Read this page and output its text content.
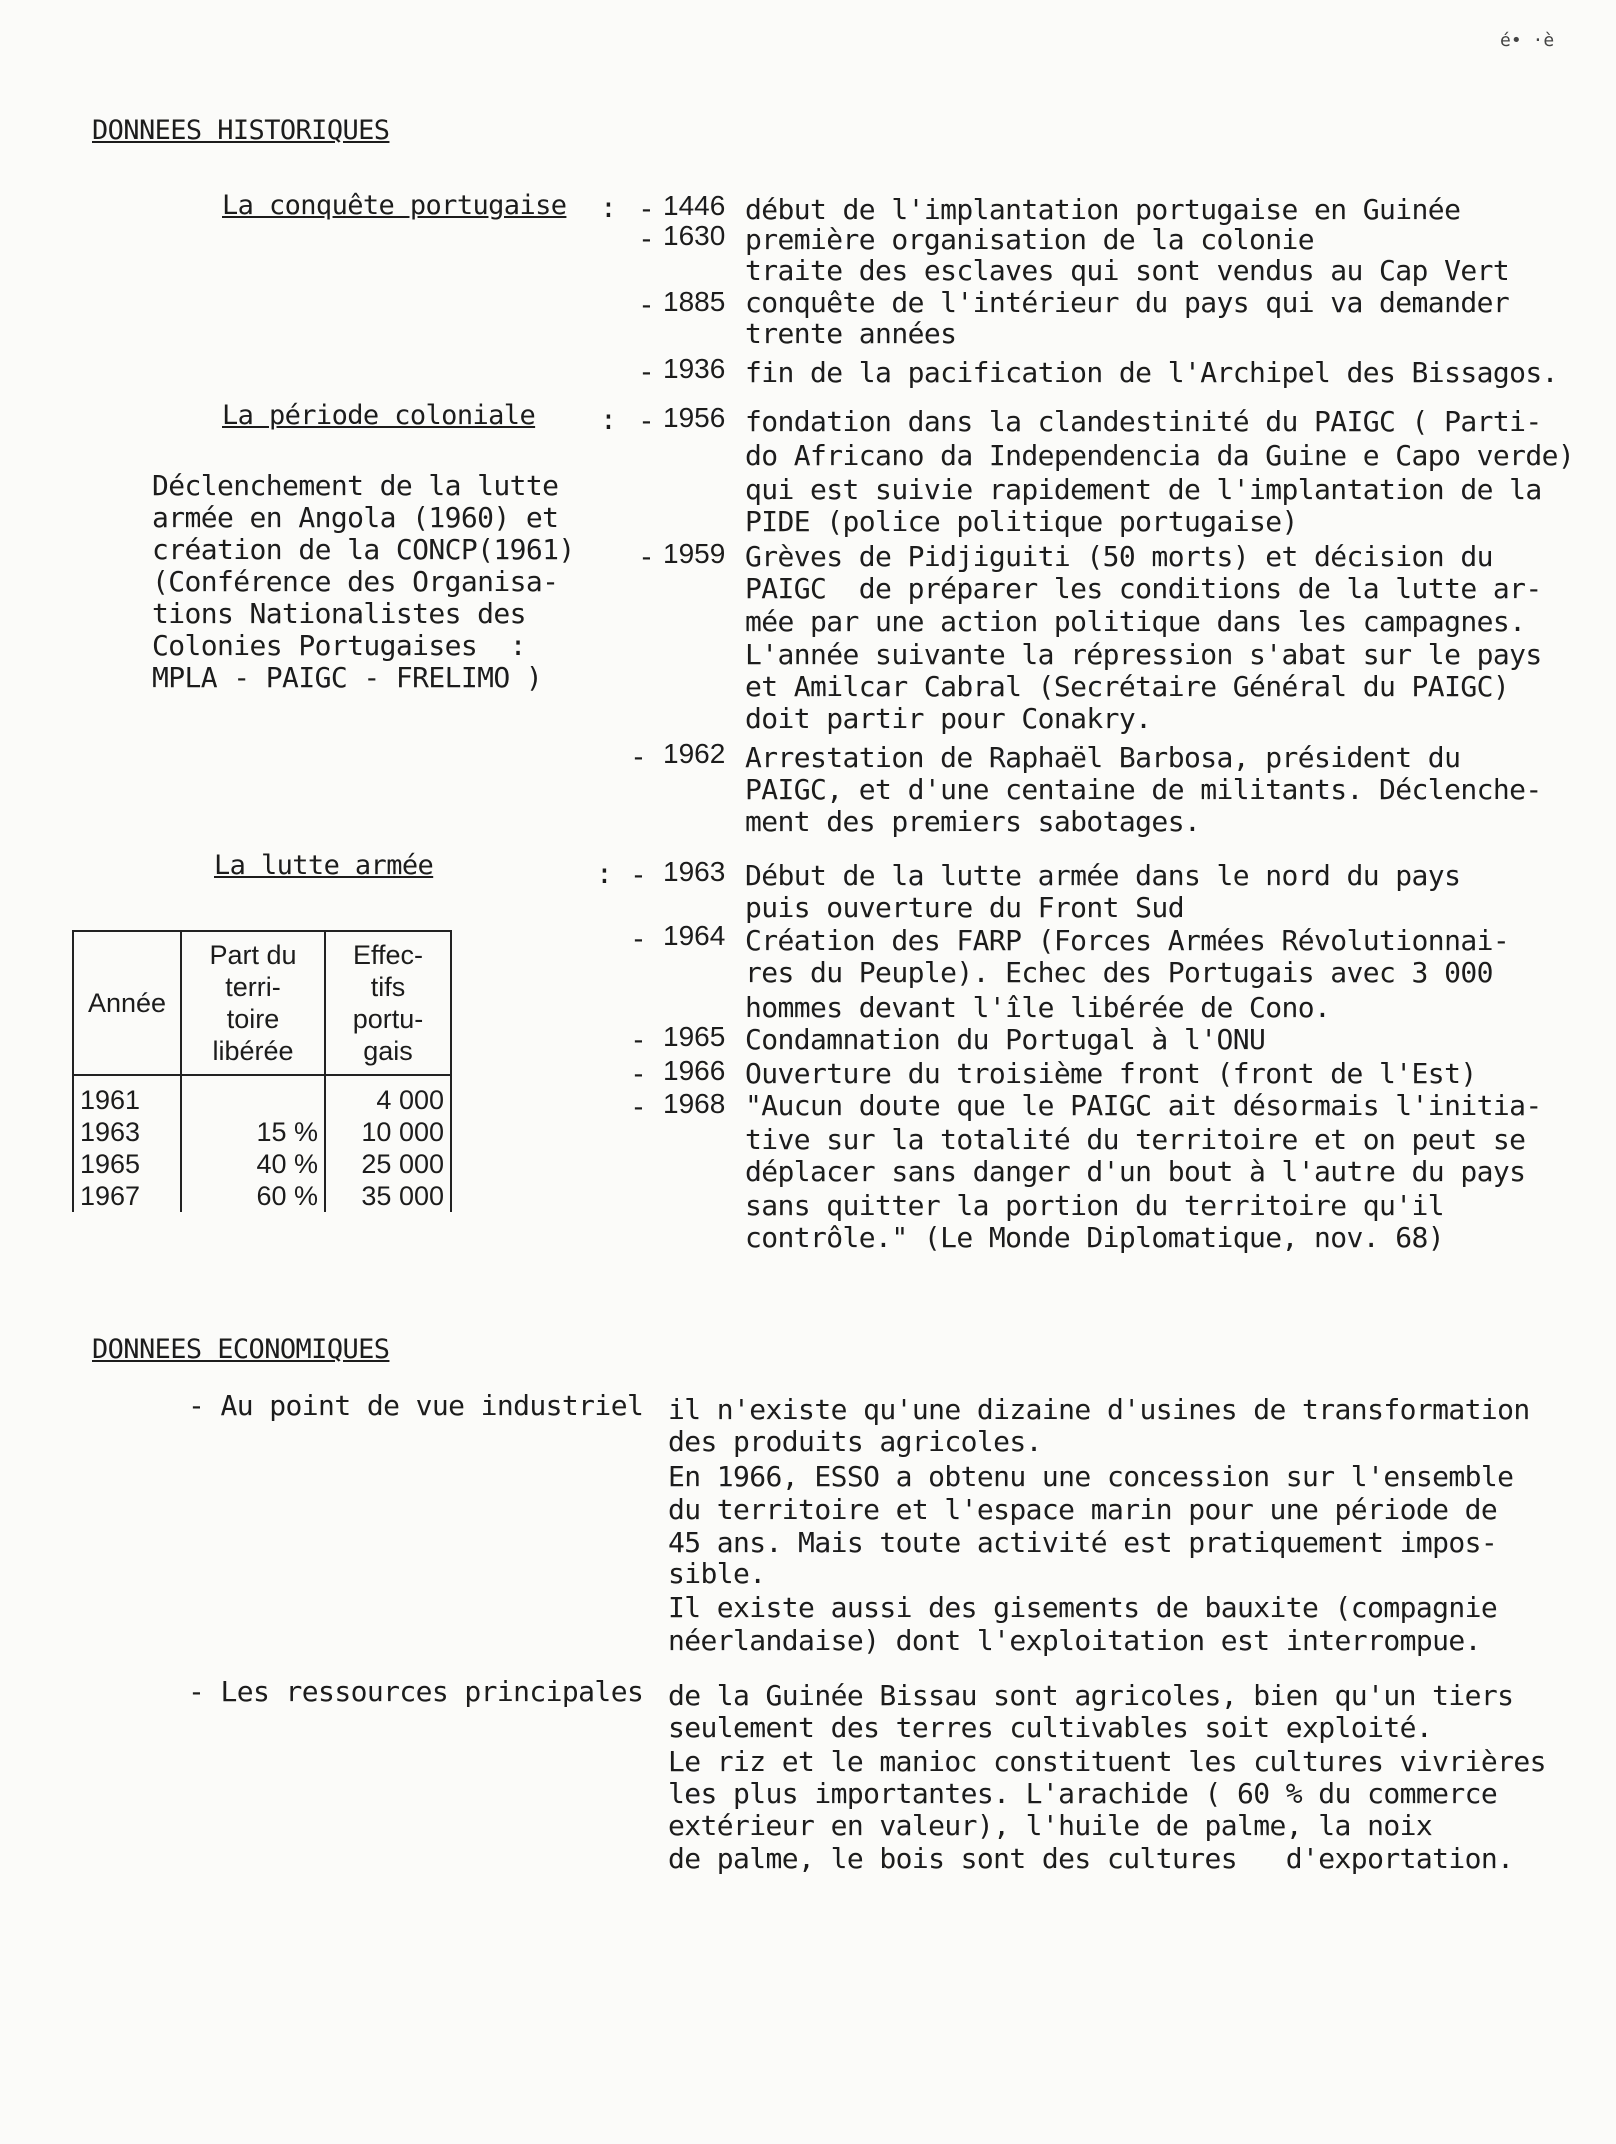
é• ·è
DONNEES HISTORIQUES
La conquête portugaise : - 1446 début de l'implantation portugaise en Guinée
- 1630 première organisation de la colonie
traite des esclaves qui sont vendus au Cap Vert
- 1885 conquête de l'intérieur du pays qui va demander
trente années
- 1936 fin de la pacification de l'Archipel des Bissagos.
La période coloniale :
Déclenchement de la lutte
armée en Angola (1960) et
création de la CONCP(1961)
(Conférence des Organisa-
tions Nationalistes des
Colonies Portugaises  :
MPLA - PAIGC - FRELIMO )
- 1956 fondation dans la clandestinité du PAIGC ( Parti-
do Africano da Independencia da Guine e Capo verde)
qui est suivie rapidement de l'implantation de la
PIDE (police politique portugaise)
- 1959 Grèves de Pidjiguiti (50 morts) et décision du
PAIGC  de préparer les conditions de la lutte ar-
mée par une action politique dans les campagnes.
L'année suivante la répression s'abat sur le pays
et Amilcar Cabral (Secrétaire Général du PAIGC)
doit partir pour Conakry.
- 1962 Arrestation de Raphaël Barbosa, président du
PAIGC, et d'une centaine de militants. Déclenche-
ment des premiers sabotages.
La lutte armée	: - 1963 Début de la lutte armée dans le nord du pays
puis ouverture du Front Sud
- 1964 Création des FARP (Forces Armées Révolutionnai-
res du Peuple). Echec des Portugais avec 3 000
hommes devant l'île libérée de Cono.
- 1965 Condamnation du Portugal à l'ONU
- 1966 Ouverture du troisième front (front de l'Est)
- 1968 "Aucun doute que le PAIGC ait désormais l'initia-
tive sur la totalité du territoire et on peut se
déplacer sans danger d'un bout à l'autre du pays
sans quitter la portion du territoire qu'il
contrôle." (Le Monde Diplomatique, nov. 68)
Année	Part du
terri-
toire
libérée	Effec-
tifs
portu-
gais
1961		4 000
1963	15 %	10 000
1965	40 %	25 000
1967	60 %	35 000
DONNEES ECONOMIQUES
- Au point de vue industriel il n'existe qu'une dizaine d'usines de transformation
des produits agricoles.
En 1966, ESSO a obtenu une concession sur l'ensemble
du territoire et l'espace marin pour une période de
45 ans. Mais toute activité est pratiquement impos-
sible.
Il existe aussi des gisements de bauxite (compagnie
néerlandaise) dont l'exploitation est interrompue.
- Les ressources principales de la Guinée Bissau sont agricoles, bien qu'un tiers
seulement des terres cultivables soit exploité.
Le riz et le manioc constituent les cultures vivrières
les plus importantes. L'arachide ( 60 % du commerce
extérieur en valeur), l'huile de palme, la noix
de palme, le bois sont des cultures   d'exportation.
